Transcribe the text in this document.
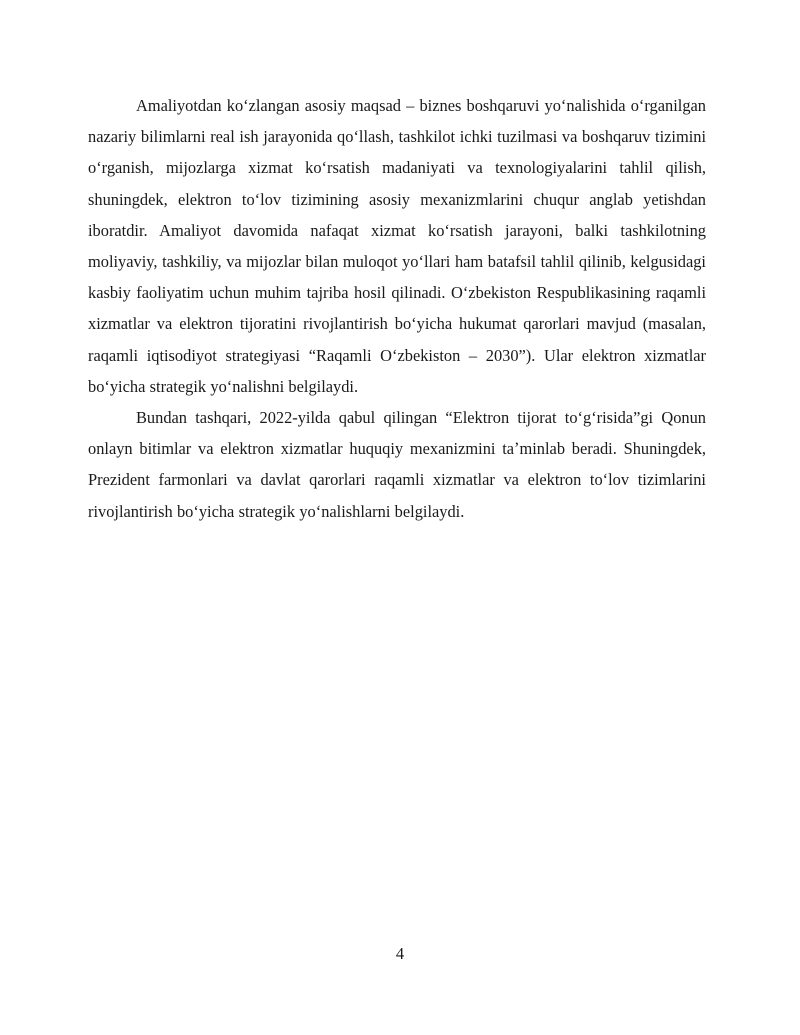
Amaliyotdan koʻzlangan asosiy maqsad – biznes boshqaruvi yoʻnalishida oʻrganilgan nazariy bilimlarni real ish jarayonida qoʻllash, tashkilot ichki tuzilmasi va boshqaruv tizimini oʻrganish, mijozlarga xizmat koʻrsatish madaniyati va texnologiyalarini tahlil qilish, shuningdek, elektron toʻlov tizimining asosiy mexanizmlarini chuqur anglab yetishdan iboratdir. Amaliyot davomida nafaqat xizmat koʻrsatish jarayoni, balki tashkilotning moliyaviy, tashkiliy, va mijozlar bilan muloqot yoʻllari ham batafsil tahlil qilinib, kelgusidagi kasbiy faoliyatim uchun muhim tajriba hosil qilinadi. Oʻzbekiston Respublikasining raqamli xizmatlar va elektron tijoratini rivojlantirish boʻyicha hukumat qarorlari mavjud (masalan, raqamli iqtisodiyot strategiyasi “Raqamli Oʻzbekiston – 2030”). Ular elektron xizmatlar boʻyicha strategik yoʻnalishni belgilaydi.

Bundan tashqari, 2022-yilda qabul qilingan “Elektron tijorat toʻgʻrisida”gi Qonun onlayn bitimlar va elektron xizmatlar huquqiy mexanizmini taʼminlab beradi. Shuningdek, Prezident farmonlari va davlat qarorlari raqamli xizmatlar va elektron toʻlov tizimlarini rivojlantirish boʻyicha strategik yoʻnalishlarni belgilaydi.

4
